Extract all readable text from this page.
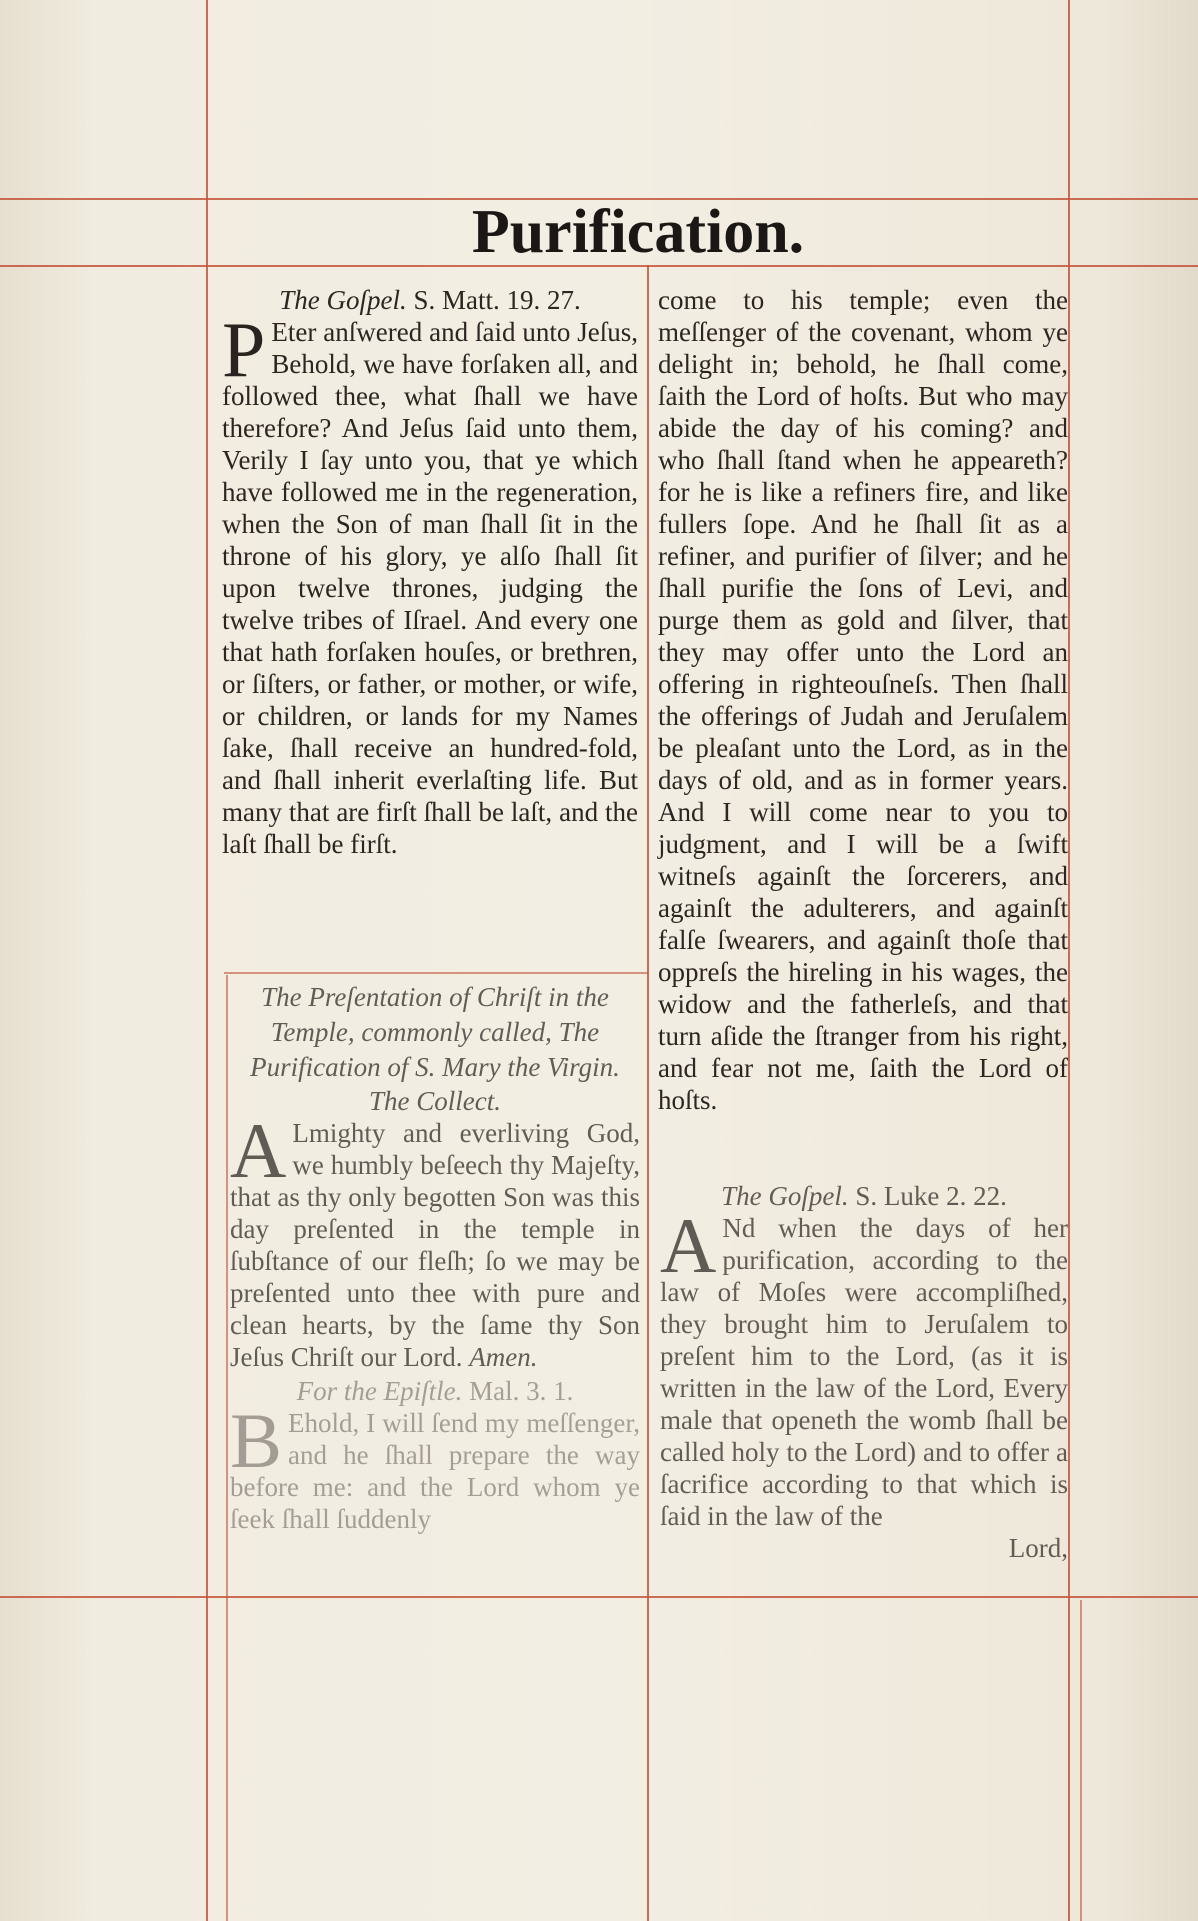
Purification.

The Goſpel. S. Matt. 19. 27.

P Eter anſwered and ſaid unto Jeſus, Behold, we have forſaken all, and followed thee, what ſhall we have therefore? And Jeſus ſaid unto them, Verily I ſay unto you, that ye which have followed me in the regeneration, when the Son of man ſhall ſit in the throne of his glory, ye alſo ſhall ſit upon twelve thrones, judging the twelve tribes of Iſrael. And every one that hath forſaken houſes, or brethren, or ſiſters, or father, or mother, or wife, or children, or lands for my Names ſake, ſhall receive an hundred-fold, and ſhall inherit everlaſting life. But many that are firſt ſhall be laſt, and the laſt ſhall be firſt.

The Preſentation of Chriſt in the Temple, commonly called, The Purification of S. Mary the Virgin.

The Collect.

A Lmighty and everliving God, we humbly beſeech thy Majeſty, that as thy only begotten Son was this day preſented in the temple in ſubſtance of our fleſh; ſo we may be preſented unto thee with pure and clean hearts, by the ſame thy Son Jeſus Chriſt our Lord. Amen.

For the Epiſtle. Mal. 3. 1.

B Ehold, I will ſend my meſſenger, and he ſhall prepare the way before me: and the Lord whom ye ſeek ſhall ſuddenly

come to his temple; even the meſſenger of the covenant, whom ye delight in; behold, he ſhall come, ſaith the Lord of hoſts. But who may abide the day of his coming? and who ſhall ſtand when he appeareth? for he is like a refiners fire, and like fullers ſope. And he ſhall ſit as a refiner, and purifier of ſilver; and he ſhall purifie the ſons of Levi, and purge them as gold and ſilver, that they may offer unto the Lord an offering in righteouſneſs. Then ſhall the offerings of Judah and Jeruſalem be pleaſant unto the Lord, as in the days of old, and as in former years. And I will come near to you to judgment, and I will be a ſwift witneſs againſt the ſorcerers, and againſt the adulterers, and againſt falſe ſwearers, and againſt thoſe that oppreſs the hireling in his wages, the widow and the fatherleſs, and that turn aſide the ſtranger from his right, and fear not me, ſaith the Lord of hoſts.

The Goſpel. S. Luke 2. 22.

A Nd when the days of her purification, according to the law of Moſes were accompliſhed, they brought him to Jeruſalem to preſent him to the Lord, (as it is written in the law of the Lord, Every male that openeth the womb ſhall be called holy to the Lord) and to offer a ſacrifice according to that which is ſaid in the law of the

Lord,
